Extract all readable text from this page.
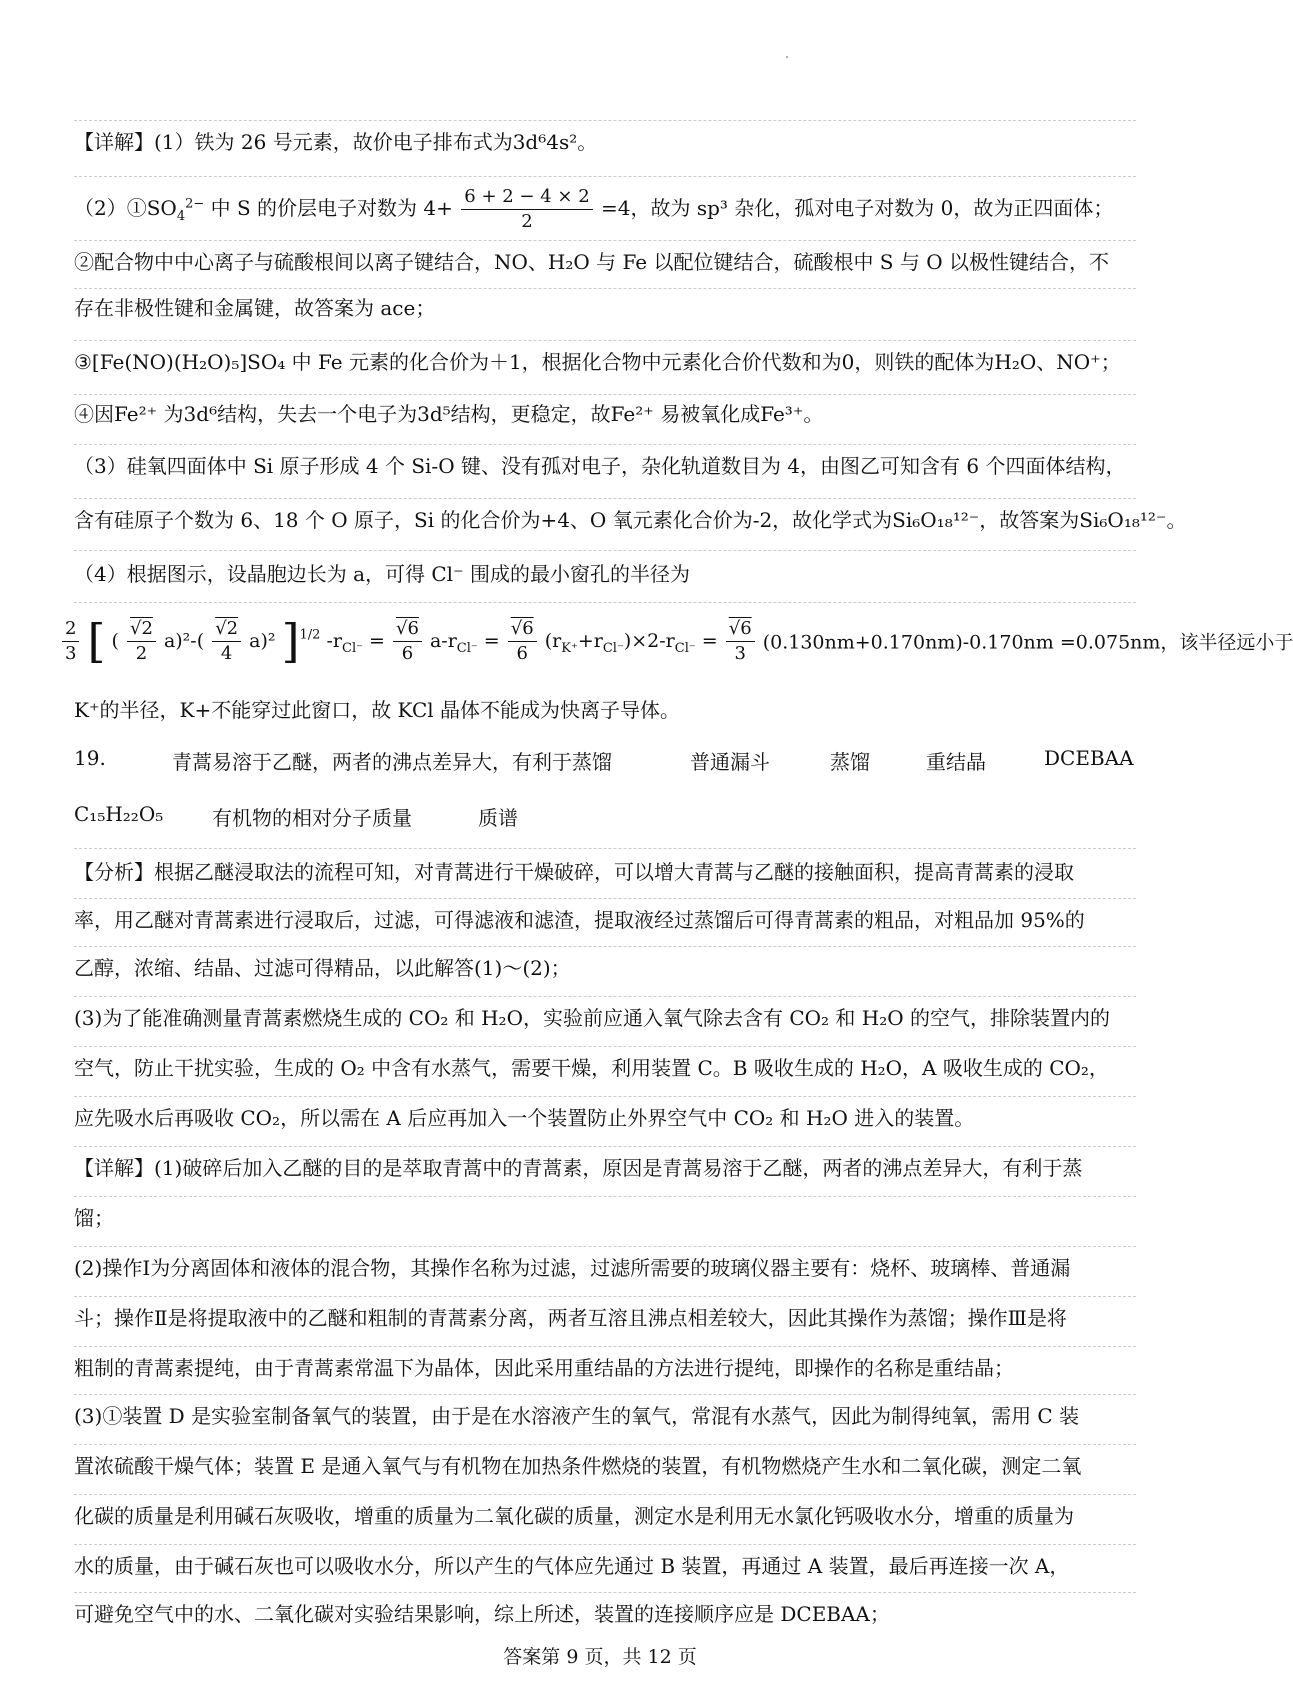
【详解】(1）铁为 26 号元素，故价电子排布式为3d⁶4s²。
$(2)①SO_4^{2-}$ 中 S 的价层电子对数为 $4+ \frac{6 + 2 - 4 \times 2}{2} =4$，故为 sp³ 杂化，孤对电子对数为 0，故为正四面体；
②配合物中中心离子与硫酸根间以离子键结合，NO、H₂O 与 Fe 以配位键结合，硫酸根中 S 与 O 以极性键结合，不
存在非极性键和金属键，故答案为 ace；
③[Fe(NO)(H₂O)₅]SO₄ 中 Fe 元素的化合价为＋1，根据化合物中元素化合价代数和为0，则铁的配体为H₂O、NO⁺；
④因Fe²⁺ 为3d⁶结构，失去一个电子为3d⁵结构，更稳定，故Fe²⁺ 易被氧化成Fe³⁺。
（3）硅氧四面体中 Si 原子形成 4 个 Si-O 键、没有孤对电子，杂化轨道数目为 4，由图乙可知含有 6 个四面体结构，
含有硅原子个数为 6、18 个 O 原子，Si 的化合价为+4、O 氧元素化合价为-2，故化学式为Si₆O₁₈¹²⁻，故答案为Si₆O₁₈¹²⁻。
（4）根据图示，设晶胞边长为 a，可得 Cl⁻ 围成的最小窗孔的半径为
$\frac{2}{3}$ [ ( $\frac{√2}{2} a)^2-( \frac{√2}{4} a)^2$ ]$^{1/2}$ $-r_{Cl^-} = \frac{√6}{6} a-r_{Cl^-} = \frac{√6}{6} (r_{K^+}+r_{Cl^-})\times 2-r_{Cl^-} = \frac{√6}{3} (0.130nm+0.170nm)-0.170nm =0.075nm$，该半径远小于
K⁺的半径，K+不能穿过此窗口，故 KCl 晶体不能成为快离子导体。
19.	青蒿易溶于乙醚，两者的沸点差异大，有利于蒸馏	普通漏斗	蒸馏	重结晶	DCEBAA
C₁₅H₂₂O₅ 有机物的相对分子质量	质谱
【分析】根据乙醚浸取法的流程可知，对青蒿进行干燥破碎，可以增大青蒿与乙醚的接触面积，提高青蒿素的浸取
率，用乙醚对青蒿素进行浸取后，过滤，可得滤液和滤渣，提取液经过蒸馏后可得青蒿素的粗品，对粗品加 95%的
乙醇，浓缩、结晶、过滤可得精品，以此解答(1)～(2)；
(3)为了能准确测量青蒿素燃烧生成的 CO₂ 和 H₂O，实验前应通入氧气除去含有 CO₂ 和 H₂O 的空气，排除装置内的
空气，防止干扰实验，生成的 O₂ 中含有水蒸气，需要干燥，利用装置 C。B 吸收生成的 H₂O，A 吸收生成的 CO₂，
应先吸水后再吸收 CO₂，所以需在 A 后应再加入一个装置防止外界空气中 CO₂ 和 H₂O 进入的装置。
【详解】(1)破碎后加入乙醚的目的是萃取青蒿中的青蒿素，原因是青蒿易溶于乙醚，两者的沸点差异大，有利于蒸
馏；
(2)操作Ⅰ为分离固体和液体的混合物，其操作名称为过滤，过滤所需要的玻璃仪器主要有：烧杯、玻璃棒、普通漏
斗；操作Ⅱ是将提取液中的乙醚和粗制的青蒿素分离，两者互溶且沸点相差较大，因此其操作为蒸馏；操作Ⅲ是将
粗制的青蒿素提纯，由于青蒿素常温下为晶体，因此采用重结晶的方法进行提纯，即操作的名称是重结晶；
(3)①装置 D 是实验室制备氧气的装置，由于是在水溶液产生的氧气，常混有水蒸气，因此为制得纯氧，需用 C 装
置浓硫酸干燥气体；装置 E 是通入氧气与有机物在加热条件燃烧的装置，有机物燃烧产生水和二氧化碳，测定二氧
化碳的质量是利用碱石灰吸收，增重的质量为二氧化碳的质量，测定水是利用无水氯化钙吸收水分，增重的质量为
水的质量，由于碱石灰也可以吸收水分，所以产生的气体应先通过 B 装置，再通过 A 装置，最后再连接一次 A，
可避免空气中的水、二氧化碳对实验结果影响，综上所述，装置的连接顺序应是 DCEBAA；
答案第 9 页，共 12 页
